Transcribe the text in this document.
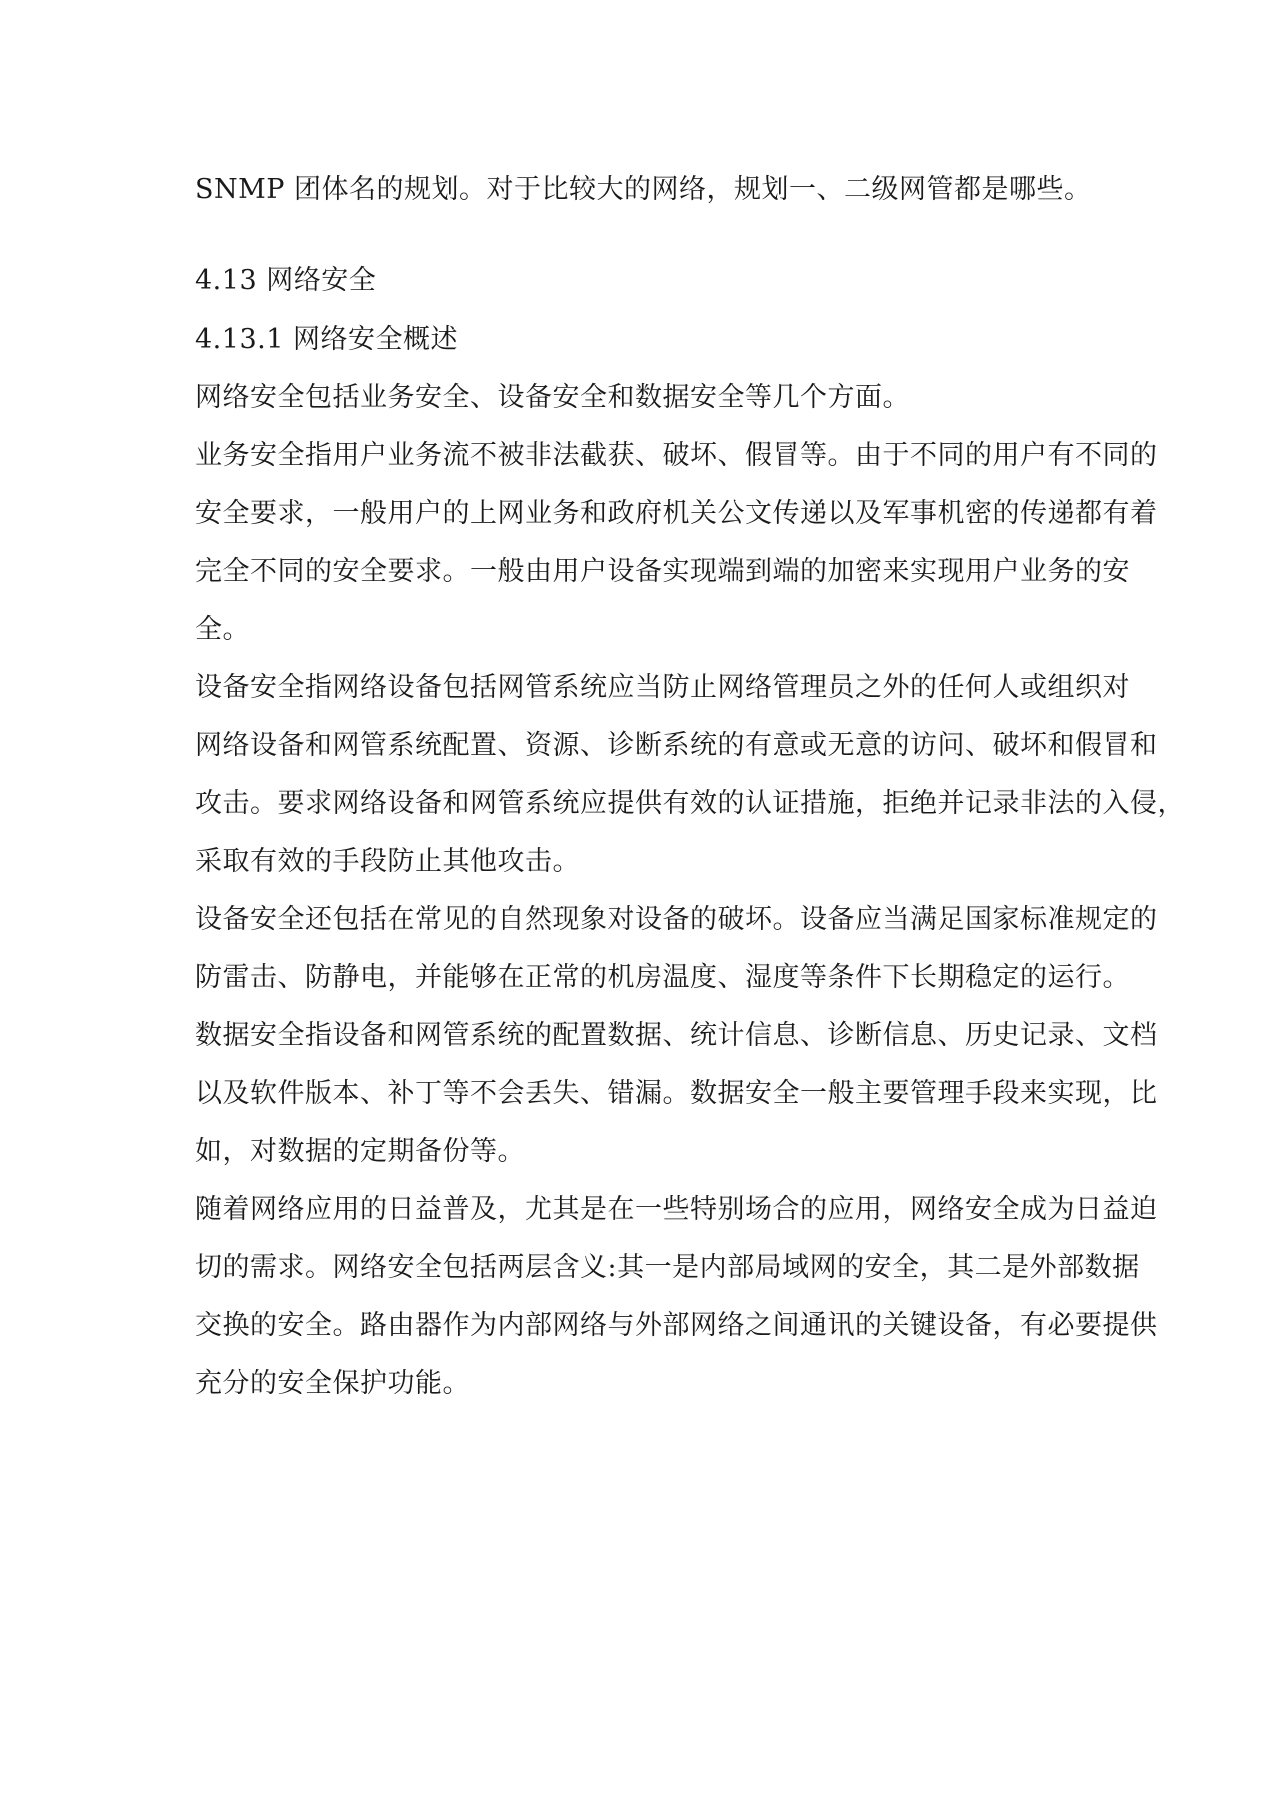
SNMP 团体名的规划。对于比较大的网络，规划一、二级网管都是哪些。
4.13 网络安全
4.13.1 网络安全概述
网络安全包括业务安全、设备安全和数据安全等几个方面。
业务安全指用户业务流不被非法截获、破坏、假冒等。由于不同的用户有不同的
安全要求，一般用户的上网业务和政府机关公文传递以及军事机密的传递都有着
完全不同的安全要求。一般由用户设备实现端到端的加密来实现用户业务的安
全。
设备安全指网络设备包括网管系统应当防止网络管理员之外的任何人或组织对
网络设备和网管系统配置、资源、诊断系统的有意或无意的访问、破坏和假冒和
攻击。要求网络设备和网管系统应提供有效的认证措施，拒绝并记录非法的入侵，
采取有效的手段防止其他攻击。
设备安全还包括在常见的自然现象对设备的破坏。设备应当满足国家标准规定的
防雷击、防静电，并能够在正常的机房温度、湿度等条件下长期稳定的运行。
数据安全指设备和网管系统的配置数据、统计信息、诊断信息、历史记录、文档
以及软件版本、补丁等不会丢失、错漏。数据安全一般主要管理手段来实现，比
如，对数据的定期备份等。
随着网络应用的日益普及，尤其是在一些特别场合的应用，网络安全成为日益迫
切的需求。网络安全包括两层含义:其一是内部局域网的安全，其二是外部数据
交换的安全。路由器作为内部网络与外部网络之间通讯的关键设备，有必要提供
充分的安全保护功能。
